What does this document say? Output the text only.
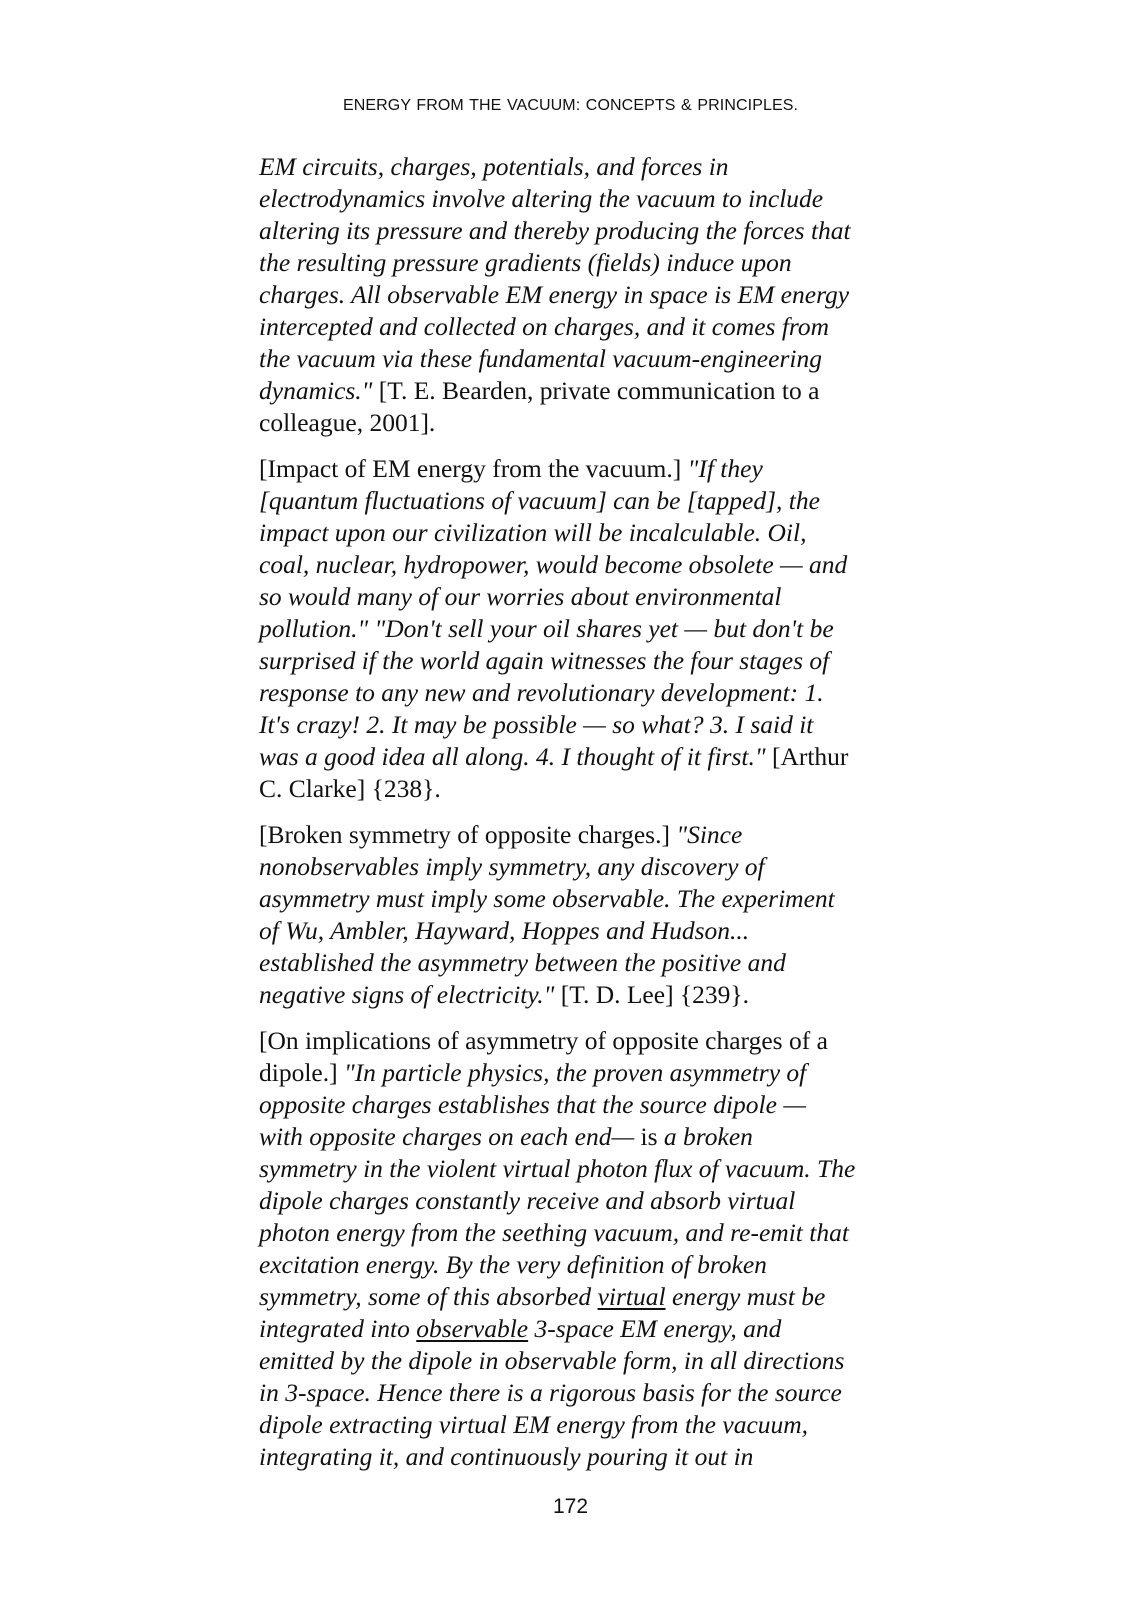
ENERGY FROM THE VACUUM: CONCEPTS & PRINCIPLES.
EM circuits, charges, potentials, and forces in
electrodynamics involve altering the vacuum to include
altering its pressure and thereby producing the forces that
the resulting pressure gradients (fields) induce upon
charges. All observable EM energy in space is EM energy
intercepted and collected on charges, and it comes from
the vacuum via these fundamental vacuum-engineering
dynamics." [T. E. Bearden, private communication to a
colleague, 2001].
[Impact of EM energy from the vacuum.] "If they
[quantum fluctuations of vacuum] can be [tapped], the
impact upon our civilization will be incalculable. Oil,
coal, nuclear, hydropower, would become obsolete — and
so would many of our worries about environmental
pollution." "Don't sell your oil shares yet — but don't be
surprised if the world again witnesses the four stages of
response to any new and revolutionary development: 1.
It's crazy! 2. It may be possible — so what? 3. I said it
was a good idea all along. 4. I thought of it first." [Arthur
C. Clarke] {238}.
[Broken symmetry of opposite charges.] "Since
nonobservables imply symmetry, any discovery of
asymmetry must imply some observable. The experiment
of Wu, Ambler, Hayward, Hoppes and Hudson...
established the asymmetry between the positive and
negative signs of electricity." [T. D. Lee] {239}.
[On implications of asymmetry of opposite charges of a
dipole.] "In particle physics, the proven asymmetry of
opposite charges establishes that the source dipole —
with opposite charges on each end— is a broken
symmetry in the violent virtual photon flux of vacuum. The
dipole charges constantly receive and absorb virtual
photon energy from the seething vacuum, and re-emit that
excitation energy. By the very definition of broken
symmetry, some of this absorbed virtual energy must be
integrated into observable 3-space EM energy, and
emitted by the dipole in observable form, in all directions
in 3-space. Hence there is a rigorous basis for the source
dipole extracting virtual EM energy from the vacuum,
integrating it, and continuously pouring it out in
172
